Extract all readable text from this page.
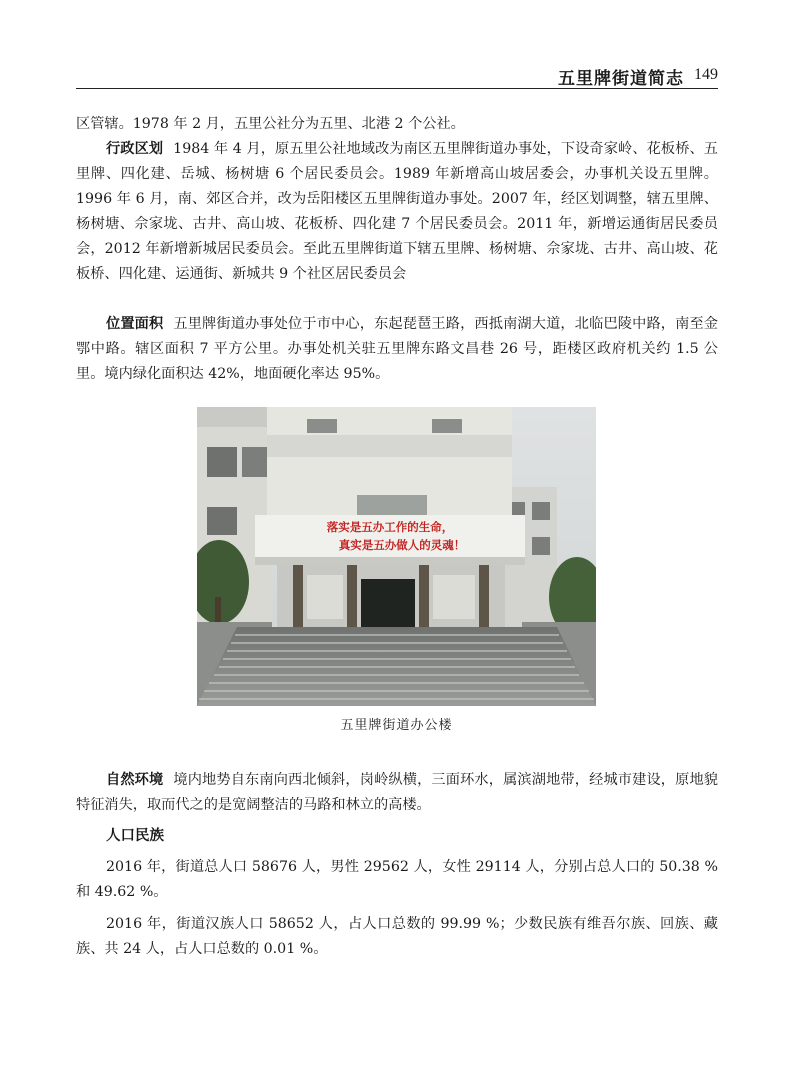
五里牌街道简志 149

区管辖。1978 年 2 月，五里公社分为五里、北港 2 个公社。

行政区划 1984 年 4 月，原五里公社地域改为南区五里牌街道办事处，下设奇家岭、花板桥、五里牌、四化建、岳城、杨树塘 6 个居民委员会。1989 年新增高山坡居委会，办事机关设五里牌。1996 年 6 月，南、郊区合并，改为岳阳楼区五里牌街道办事处。2007 年，经区划调整，辖五里牌、杨树塘、佘家垅、古井、高山坡、花板桥、四化建 7 个居民委员会。2011 年，新增运通街居民委员会，2012 年新增新城居民委员会。至此五里牌街道下辖五里牌、杨树塘、佘家垅、古井、高山坡、花板桥、四化建、运通街、新城共 9 个社区居民委员会

位置面积 五里牌街道办事处位于市中心，东起琵琶王路，西抵南湖大道，北临巴陵中路，南至金鄂中路。辖区面积 7 平方公里。办事处机关驻五里牌东路文昌巷 26 号，距楼区政府机关约 1.5 公里。境内绿化面积达 42%，地面硬化率达 95%。

落实是五办工作的生命，
真实是五办做人的灵魂！
五里牌街道办公楼

自然环境 境内地势自东南向西北倾斜，岗岭纵横，三面环水，属滨湖地带，经城市建设，原地貌特征消失，取而代之的是宽阔整洁的马路和林立的高楼。

人口民族

2016 年，街道总人口 58676 人，男性 29562 人，女性 29114 人，分别占总人口的 50.38 % 和 49.62 %。

2016 年，街道汉族人口 58652 人，占人口总数的 99.99 %；少数民族有维吾尔族、回族、藏族、共 24 人，占人口总数的 0.01 %。
